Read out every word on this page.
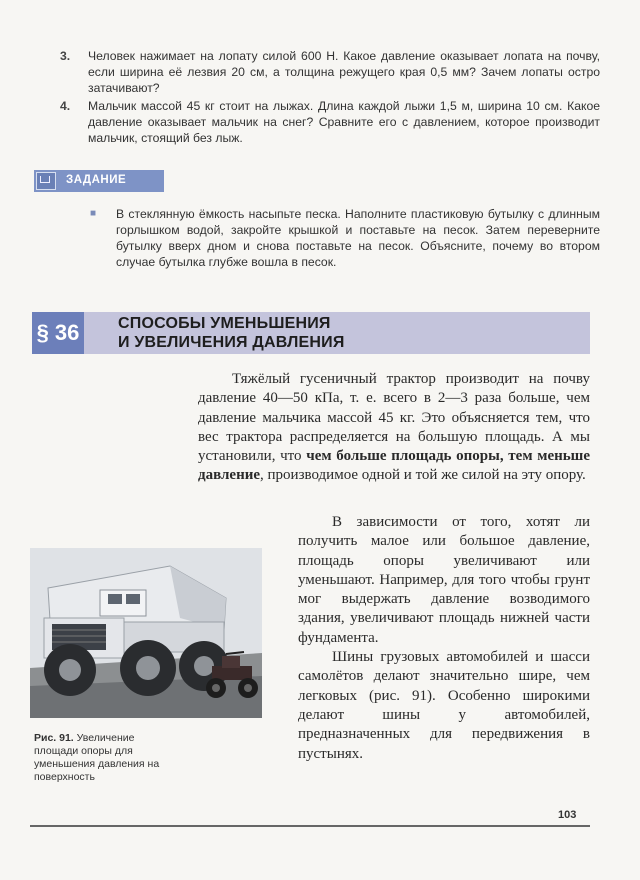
3. Человек нажимает на лопату силой 600 Н. Какое давление оказывает лопата на почву, если ширина её лезвия 20 см, а толщина режущего края 0,5 мм? Зачем лопаты остро затачивают?
4. Мальчик массой 45 кг стоит на лыжах. Длина каждой лыжи 1,5 м, ширина 10 см. Какое давление оказывает мальчик на снег? Сравните его с давлением, которое производит мальчик, стоящий без лыж.
ЗАДАНИЕ
■ В стеклянную ёмкость насыпьте песка. Наполните пластиковую бутылку с длинным горлышком водой, закройте крышкой и поставьте на песок. Затем переверните бутылку вверх дном и снова поставьте на песок. Объясните, почему во втором случае бутылка глубже вошла в песок.
§ 36 СПОСОБЫ УМЕНЬШЕНИЯ
И УВЕЛИЧЕНИЯ ДАВЛЕНИЯ
Тяжёлый гусеничный трактор производит на почву давление 40—50 кПа, т. е. всего в 2—3 раза больше, чем давление мальчика массой 45 кг. Это объясняется тем, что вес трактора распределяется на большую площадь. А мы установили, что чем больше площадь опоры, тем меньше давление, производимое одной и той же силой на эту опору.
В зависимости от того, хотят ли получить малое или большое давление, площадь опоры увеличивают или уменьшают. Например, для того чтобы грунт мог выдержать давление возводимого здания, увеличивают площадь нижней части фундамента.
Шины грузовых автомобилей и шасси самолётов делают значительно шире, чем легковых (рис. 91). Особенно широкими делают шины у автомобилей, предназначенных для передвижения в пустынях.
Рис. 91. Увеличение площади опоры для уменьшения давления на поверхность
103
